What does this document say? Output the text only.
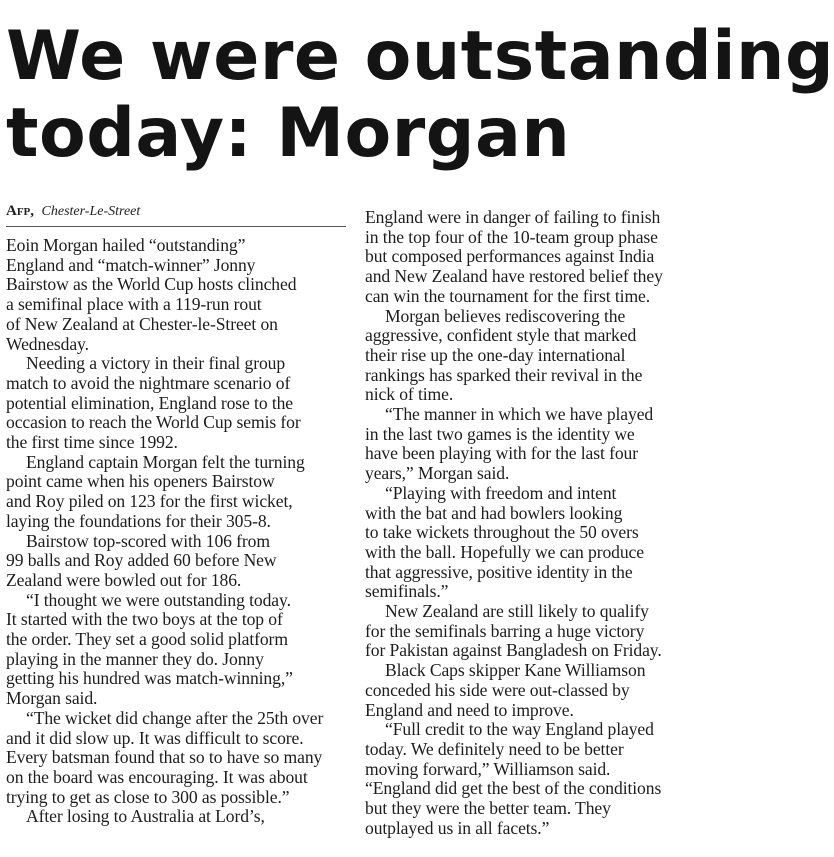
We were outstanding
today: Morgan
Afp, Chester-Le-Street

Eoin Morgan hailed “outstanding”
England and “match-winner” Jonny
Bairstow as the World Cup hosts clinched
a semifinal place with a 119-run rout
of New Zealand at Chester-le-Street on
Wednesday.

Needing a victory in their final group
match to avoid the nightmare scenario of
potential elimination, England rose to the
occasion to reach the World Cup semis for
the first time since 1992.

England captain Morgan felt the turning
point came when his openers Bairstow
and Roy piled on 123 for the first wicket,
laying the foundations for their 305-8.

Bairstow top-scored with 106 from
99 balls and Roy added 60 before New
Zealand were bowled out for 186.

“I thought we were outstanding today.
It started with the two boys at the top of
the order. They set a good solid platform
playing in the manner they do. Jonny
getting his hundred was match-winning,”
Morgan said.

“The wicket did change after the 25th over
and it did slow up. It was difficult to score.
Every batsman found that so to have so many
on the board was encouraging. It was about
trying to get as close to 300 as possible.”

After losing to Australia at Lord’s,

England were in danger of failing to finish
in the top four of the 10-team group phase
but composed performances against India
and New Zealand have restored belief they
can win the tournament for the first time.

Morgan believes rediscovering the
aggressive, confident style that marked
their rise up the one-day international
rankings has sparked their revival in the
nick of time.

“The manner in which we have played
in the last two games is the identity we
have been playing with for the last four
years,” Morgan said.

“Playing with freedom and intent
with the bat and had bowlers looking
to take wickets throughout the 50 overs
with the ball. Hopefully we can produce
that aggressive, positive identity in the
semifinals.”

New Zealand are still likely to qualify
for the semifinals barring a huge victory
for Pakistan against Bangladesh on Friday.

Black Caps skipper Kane Williamson
conceded his side were out-classed by
England and need to improve.

“Full credit to the way England played
today. We definitely need to be better
moving forward,” Williamson said.
“England did get the best of the conditions
but they were the better team. They
outplayed us in all facets.”
